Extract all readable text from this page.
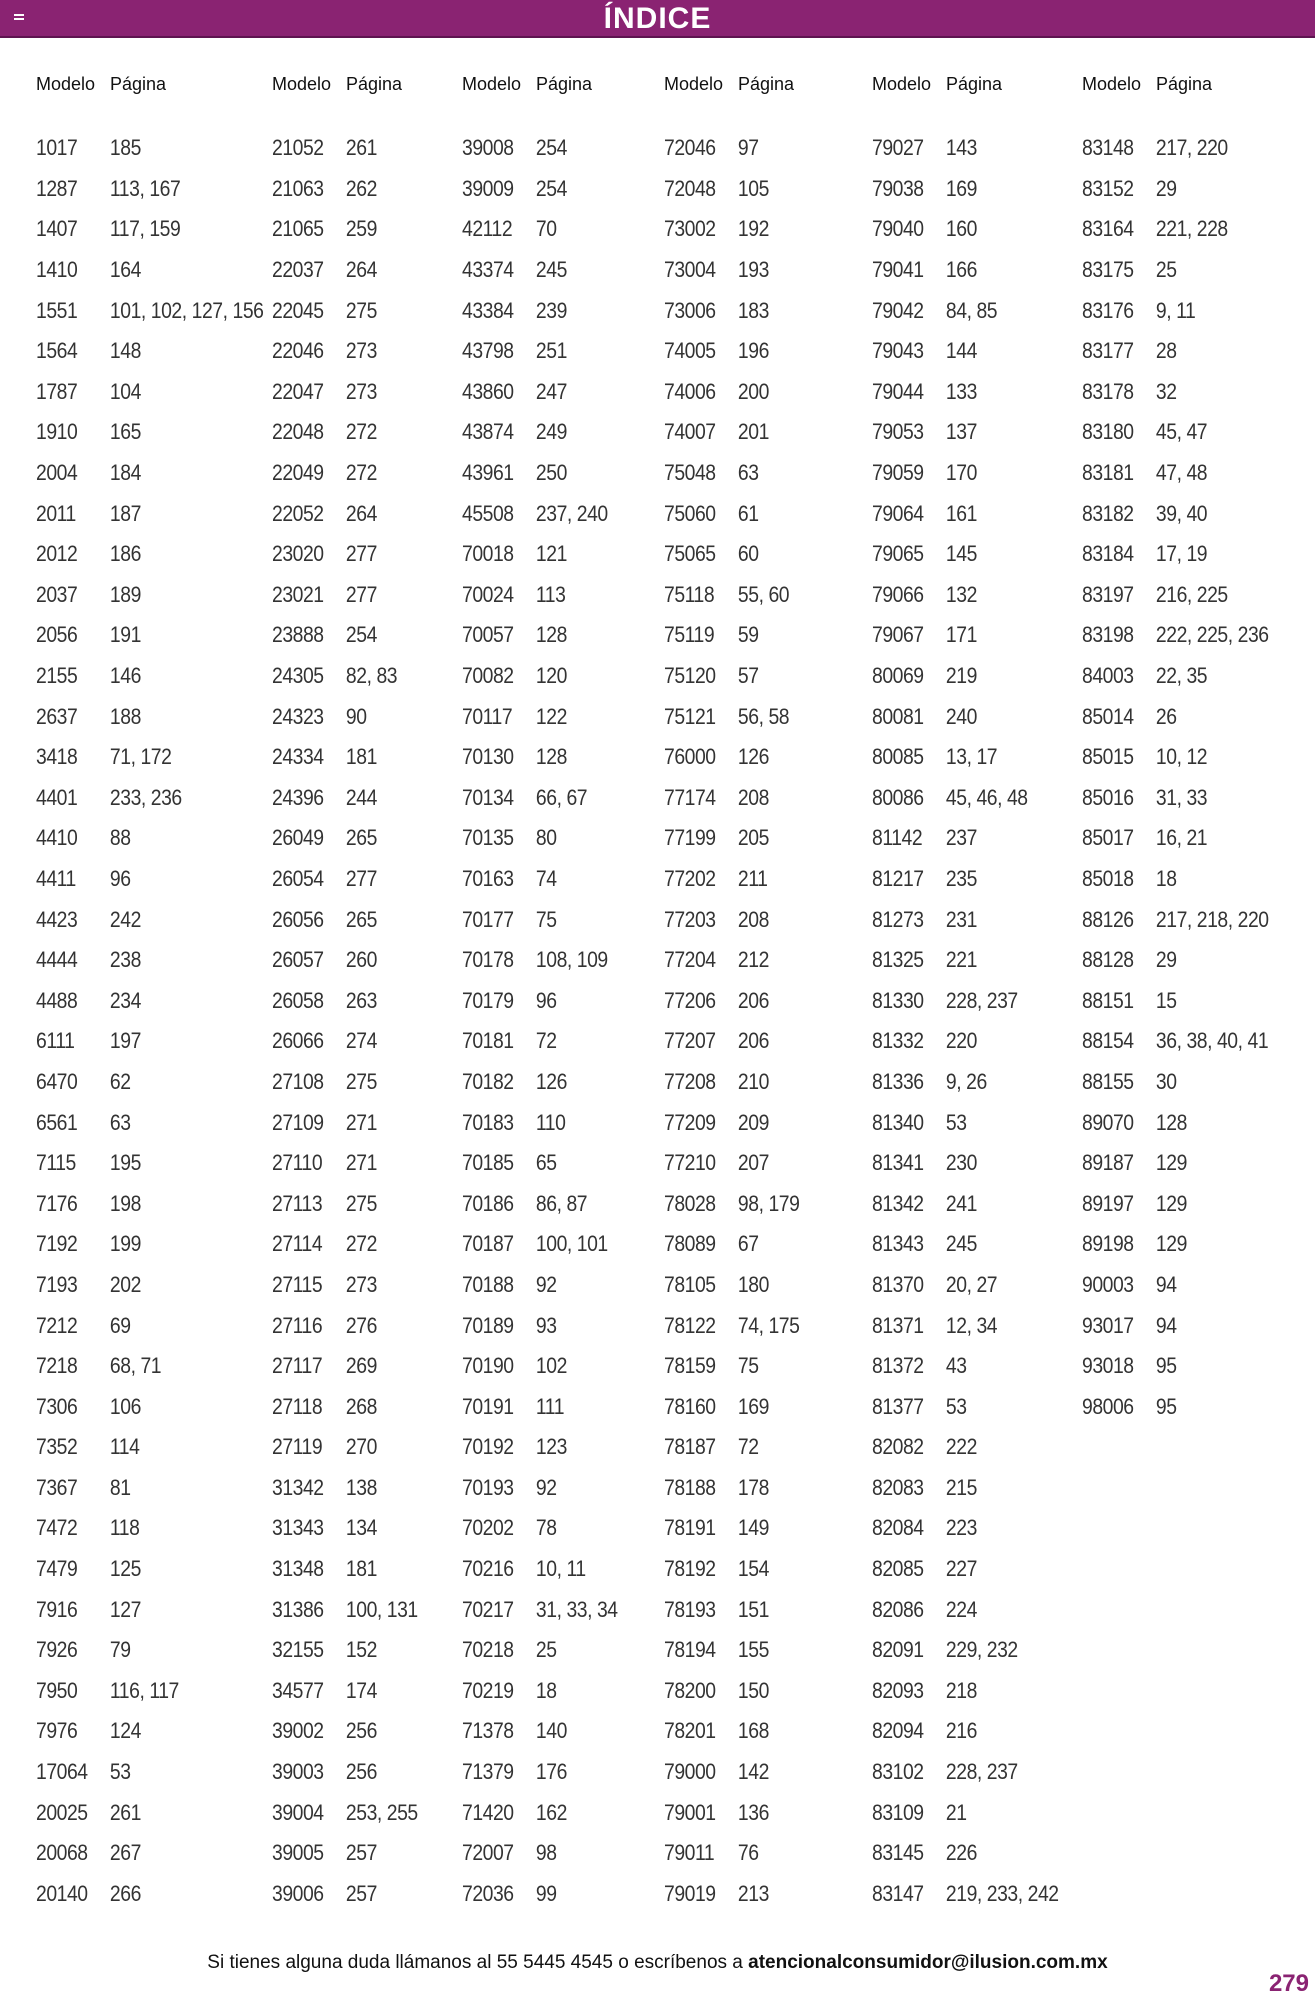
ÍNDICE
Modelo Página
1017	185
1287	113, 167
1407	117, 159
1410	164
1551	101, 102, 127, 156
1564	148
1787	104
1910	165
2004	184
2011	187
2012	186
2037	189
2056	191
2155	146
2637	188
3418	71, 172
4401	233, 236
4410	88
4411	96
4423	242
4444	238
4488	234
6111	197
6470	62
6561	63
7115	195
7176	198
7192	199
7193	202
7212	69
7218	68, 71
7306	106
7352	114
7367	81
7472	118
7479	125
7916	127
7926	79
7950	116, 117
7976	124
17064	53
20025	261
20068	267
20140	266
Modelo Página
21052	261
21063	262
21065	259
22037	264
22045	275
22046	273
22047	273
22048	272
22049	272
22052	264
23020	277
23021	277
23888	254
24305	82, 83
24323	90
24334	181
24396	244
26049	265
26054	277
26056	265
26057	260
26058	263
26066	274
27108	275
27109	271
27110	271
27113	275
27114	272
27115	273
27116	276
27117	269
27118	268
27119	270
31342	138
31343	134
31348	181
31386	100, 131
32155	152
34577	174
39002	256
39003	256
39004	253, 255
39005	257
39006	257
Modelo Página
39008	254
39009	254
42112	70
43374	245
43384	239
43798	251
43860	247
43874	249
43961	250
45508	237, 240
70018	121
70024	113
70057	128
70082	120
70117	122
70130	128
70134	66, 67
70135	80
70163	74
70177	75
70178	108, 109
70179	96
70181	72
70182	126
70183	110
70185	65
70186	86, 87
70187	100, 101
70188	92
70189	93
70190	102
70191	111
70192	123
70193	92
70202	78
70216	10, 11
70217	31, 33, 34
70218	25
70219	18
71378	140
71379	176
71420	162
72007	98
72036	99
Modelo Página
72046	97
72048	105
73002	192
73004	193
73006	183
74005	196
74006	200
74007	201
75048	63
75060	61
75065	60
75118	55, 60
75119	59
75120	57
75121	56, 58
76000	126
77174	208
77199	205
77202	211
77203	208
77204	212
77206	206
77207	206
77208	210
77209	209
77210	207
78028	98, 179
78089	67
78105	180
78122	74, 175
78159	75
78160	169
78187	72
78188	178
78191	149
78192	154
78193	151
78194	155
78200	150
78201	168
79000	142
79001	136
79011	76
79019	213
Modelo Página
79027	143
79038	169
79040	160
79041	166
79042	84, 85
79043	144
79044	133
79053	137
79059	170
79064	161
79065	145
79066	132
79067	171
80069	219
80081	240
80085	13, 17
80086	45, 46, 48
81142	237
81217	235
81273	231
81325	221
81330	228, 237
81332	220
81336	9, 26
81340	53
81341	230
81342	241
81343	245
81370	20, 27
81371	12, 34
81372	43
81377	53
82082	222
82083	215
82084	223
82085	227
82086	224
82091	229, 232
82093	218
82094	216
83102	228, 237
83109	21
83145	226
83147	219, 233, 242
Modelo Página
83148	217, 220
83152	29
83164	221, 228
83175	25
83176	9, 11
83177	28
83178	32
83180	45, 47
83181	47, 48
83182	39, 40
83184	17, 19
83197	216, 225
83198	222, 225, 236
84003	22, 35
85014	26
85015	10, 12
85016	31, 33
85017	16, 21
85018	18
88126	217, 218, 220
88128	29
88151	15
88154	36, 38, 40, 41
88155	30
89070	128
89187	129
89197	129
89198	129
90003	94
93017	94
93018	95
98006	95
Si tienes alguna duda llámanos al 55 5445 4545 o escríbenos a atencionalconsumidor@ilusion.com.mx
279
